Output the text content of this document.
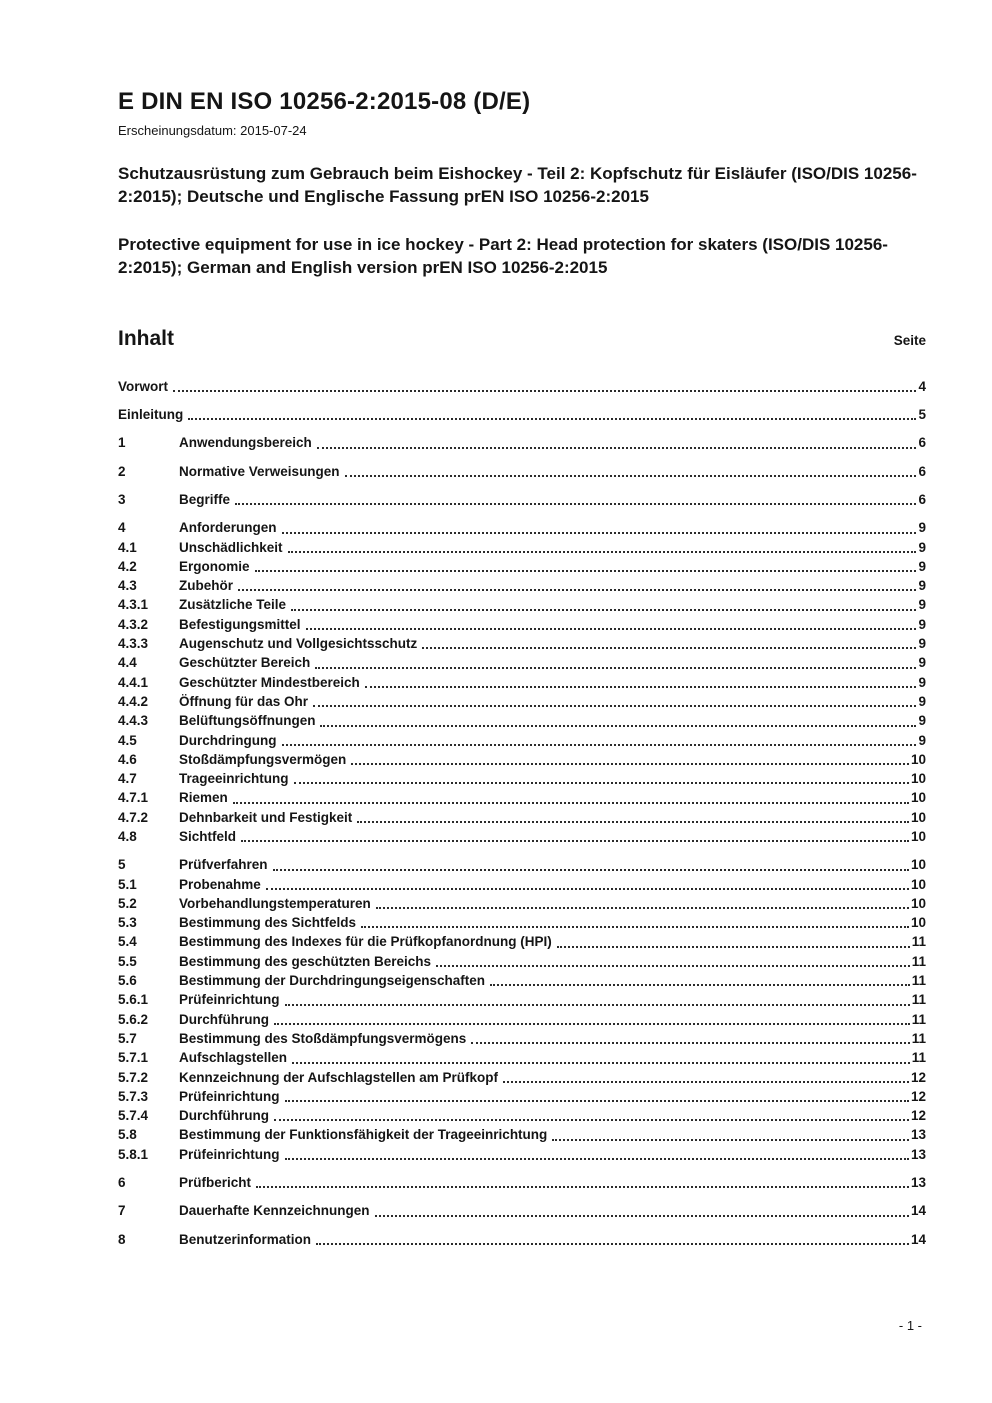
E DIN EN ISO 10256-2:2015-08 (D/E)
Erscheinungsdatum: 2015-07-24
Schutzausrüstung zum Gebrauch beim Eishockey - Teil 2: Kopfschutz für Eisläufer (ISO/DIS 10256-2:2015); Deutsche und Englische Fassung prEN ISO 10256-2:2015
Protective equipment for use in ice hockey - Part 2: Head protection for skaters (ISO/DIS 10256-2:2015); German and English version prEN ISO 10256-2:2015
Inhalt	Seite
Vorwort	4
Einleitung	5
1	Anwendungsbereich	6
2	Normative Verweisungen	6
3	Begriffe	6
4	Anforderungen	9
4.1	Unschädlichkeit	9
4.2	Ergonomie	9
4.3	Zubehör	9
4.3.1	Zusätzliche Teile	9
4.3.2	Befestigungsmittel	9
4.3.3	Augenschutz und Vollgesichtsschutz	9
4.4	Geschützter Bereich	9
4.4.1	Geschützter Mindestbereich	9
4.4.2	Öffnung für das Ohr	9
4.4.3	Belüftungsöffnungen	9
4.5	Durchdringung	9
4.6	Stoßdämpfungsvermögen	10
4.7	Trageeinrichtung	10
4.7.1	Riemen	10
4.7.2	Dehnbarkeit und Festigkeit	10
4.8	Sichtfeld	10
5	Prüfverfahren	10
5.1	Probenahme	10
5.2	Vorbehandlungstemperaturen	10
5.3	Bestimmung des Sichtfelds	10
5.4	Bestimmung des Indexes für die Prüfkopfanordnung (HPI)	11
5.5	Bestimmung des geschützten Bereichs	11
5.6	Bestimmung der Durchdringungseigenschaften	11
5.6.1	Prüfeinrichtung	11
5.6.2	Durchführung	11
5.7	Bestimmung des Stoßdämpfungsvermögens	11
5.7.1	Aufschlagstellen	11
5.7.2	Kennzeichnung der Aufschlagstellen am Prüfkopf	12
5.7.3	Prüfeinrichtung	12
5.7.4	Durchführung	12
5.8	Bestimmung der Funktionsfähigkeit der Trageeinrichtung	13
5.8.1	Prüfeinrichtung	13
6	Prüfbericht	13
7	Dauerhafte Kennzeichnungen	14
8	Benutzerinformation	14
- 1 -
